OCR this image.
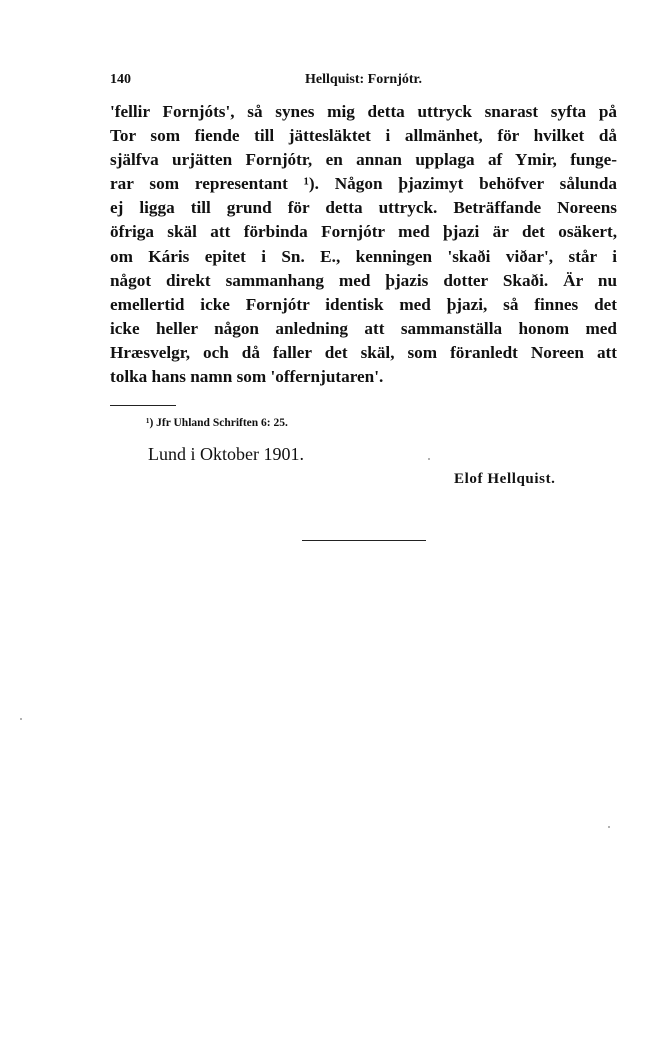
140	Hellquist: Fornjótr.
'fellir Fornjóts', så synes mig detta uttryck snarast syfta på
Tor som fiende till jättesläktet i allmänhet, för hvilket då
själfva urjätten Fornjótr, en annan upplaga af Ymir, funge-
rar som representant ¹). Någon þjazimyt behöfver sålunda
ej ligga till grund för detta uttryck. Beträffande Noreens
öfriga skäl att förbinda Fornjótr med þjazi är det osäkert,
om Káris epitet i Sn. E., kenningen 'skaði viðar', står i
något direkt sammanhang med þjazis dotter Skaði. Är nu
emellertid icke Fornjótr identisk med þjazi, så finnes det
icke heller någon anledning att sammanställa honom med
Hræsvelgr, och då faller det skäl, som föranledt Noreen att
tolka hans namn som 'offernjutaren'.
¹) Jfr Uhland Schriften 6: 25.
Lund i Oktober 1901.
Elof Hellquist.
